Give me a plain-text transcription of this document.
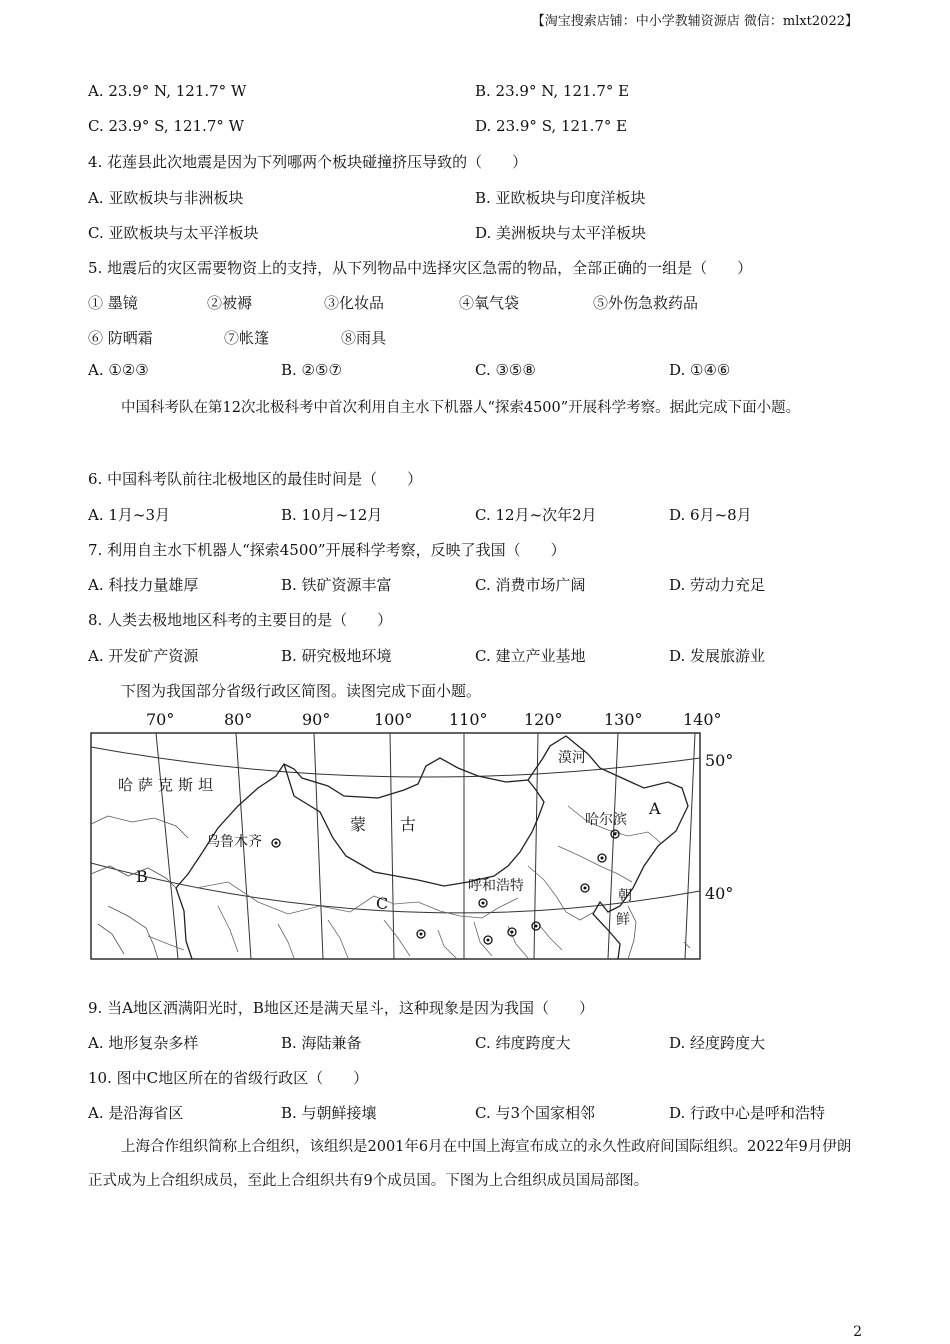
【淘宝搜索店铺：中小学教辅资源店 微信：mlxt2022】
A. 23.9° N, 121.7° W	B. 23.9° N, 121.7° E
C. 23.9° S, 121.7° W	D. 23.9° S, 121.7° E
4. 花莲县此次地震是因为下列哪两个板块碰撞挤压导致的（　　）
A. 亚欧板块与非洲板块	B. 亚欧板块与印度洋板块
C. 亚欧板块与太平洋板块	D. 美洲板块与太平洋板块
5. 地震后的灾区需要物资上的支持，从下列物品中选择灾区急需的物品，全部正确的一组是（　　）
① 墨镜	②被褥	③化妆品	④氧气袋	⑤外伤急救药品
⑥ 防晒霜	⑦帐篷	⑧雨具
A. ①②③	B. ②⑤⑦	C. ③⑤⑧	D. ①④⑥
中国科考队在第12次北极科考中首次利用自主水下机器人“探索4500”开展科学考察。据此完成下面小题。
6. 中国科考队前往北极地区的最佳时间是（　　）
A. 1月~3月	B. 10月~12月	C. 12月~次年2月	D. 6月~8月
7. 利用自主水下机器人“探索4500”开展科学考察，反映了我国（　　）
A. 科技力量雄厚	B. 铁矿资源丰富	C. 消费市场广阔	D. 劳动力充足
8. 人类去极地地区科考的主要目的是（　　）
A. 开发矿产资源	B. 研究极地环境	C. 建立产业基地	D. 发展旅游业
下图为我国部分省级行政区简图。读图完成下面小题。
70°	80°	90°	100° 110° 120°	130°	140°
50°
40°
哈萨克斯坦
蒙 古
漠河
哈尔滨
乌鲁木齐
呼和浩特
朝
鲜
A
B
C
9. 当A地区洒满阳光时，B地区还是满天星斗，这种现象是因为我国（　　）
A. 地形复杂多样	B. 海陆兼备	C. 纬度跨度大	D. 经度跨度大
10. 图中C地区所在的省级行政区（　　）
A. 是沿海省区	B. 与朝鲜接壤	C. 与3个国家相邻	D. 行政中心是呼和浩特
上海合作组织简称上合组织，该组织是2001年6月在中国上海宣布成立的永久性政府间国际组织。2022年9月伊朗正式成为上合组织成员，至此上合组织共有9个成员国。下图为上合组织成员国局部图。
2
